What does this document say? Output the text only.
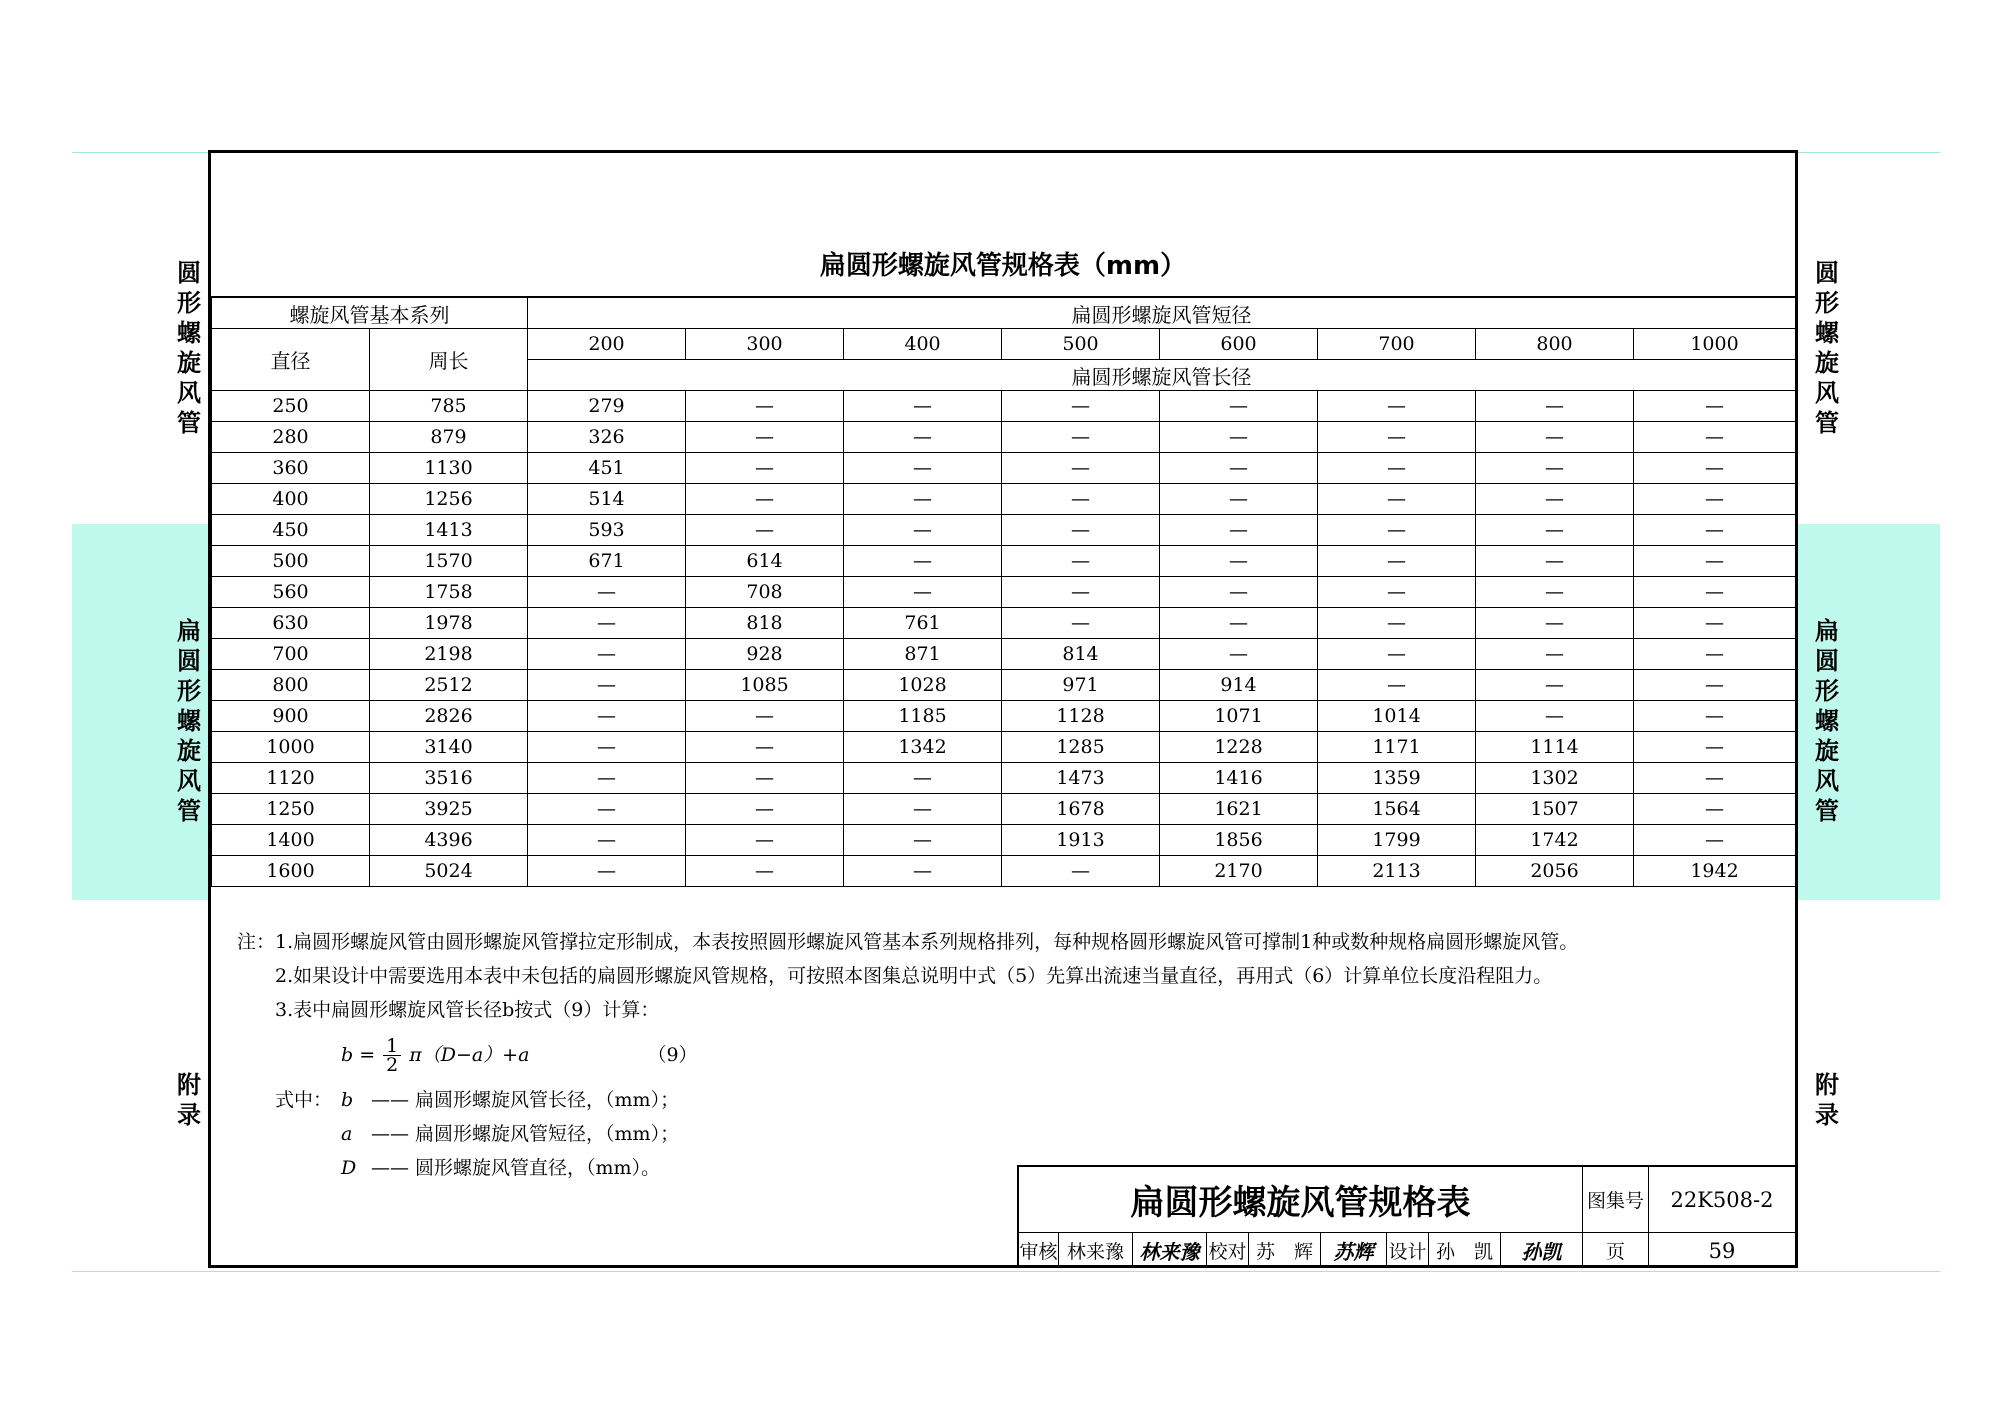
圆
形
螺
旋
风
管
扁
圆
形
螺
旋
风
管
附
录
圆
形
螺
旋
风
管
扁
圆
形
螺
旋
风
管
附
录
扁圆形螺旋风管规格表（mm）
螺旋风管基本系列		扁圆形螺旋风管短径							
直径	周长	200	300	400	500	600	700	800	1000
		扁圆形螺旋风管长径							
250	785	279	—	—	—	—	—	—	—
280	879	326	—	—	—	—	—	—	—
360	1130	451	—	—	—	—	—	—	—
400	1256	514	—	—	—	—	—	—	—
450	1413	593	—	—	—	—	—	—	—
500	1570	671	614	—	—	—	—	—	—
560	1758	—	708	—	—	—	—	—	—
630	1978	—	818	761	—	—	—	—	—
700	2198	—	928	871	814	—	—	—	—
800	2512	—	1085	1028	971	914	—	—	—
900	2826	—	—	1185	1128	1071	1014	—	—
1000	3140	—	—	1342	1285	1228	1171	1114	—
1120	3516	—	—	—	1473	1416	1359	1302	—
1250	3925	—	—	—	1678	1621	1564	1507	—
1400	4396	—	—	—	1913	1856	1799	1742	—
1600	5024	—	—	—	—	2170	2113	2056	1942

注：1.扁圆形螺旋风管由圆形螺旋风管撑拉定形制成，本表按照圆形螺旋风管基本系列规格排列，每种规格圆形螺旋风管可撑制1种或数种规格扁圆形螺旋风管。

2.如果设计中需要选用本表中未包括的扁圆形螺旋风管规格，可按照本图集总说明中式（5）先算出流速当量直径，再用式（6）计算单位长度沿程阻力。

3.表中扁圆形螺旋风管长径b按式（9）计算：

$b = \frac{1}{2} \pi(D-a)+a$	（9）
式中： b —— 扁圆形螺旋风管长径，（mm）；
a —— 扁圆形螺旋风管短径，（mm）；
D —— 圆形螺旋风管直径，（mm）。
扁圆形螺旋风管规格表	图集号	22K508-2
审核 林来豫 林来豫 校对 苏　辉	苏辉 设计 孙　凯	孙凯	页	59
